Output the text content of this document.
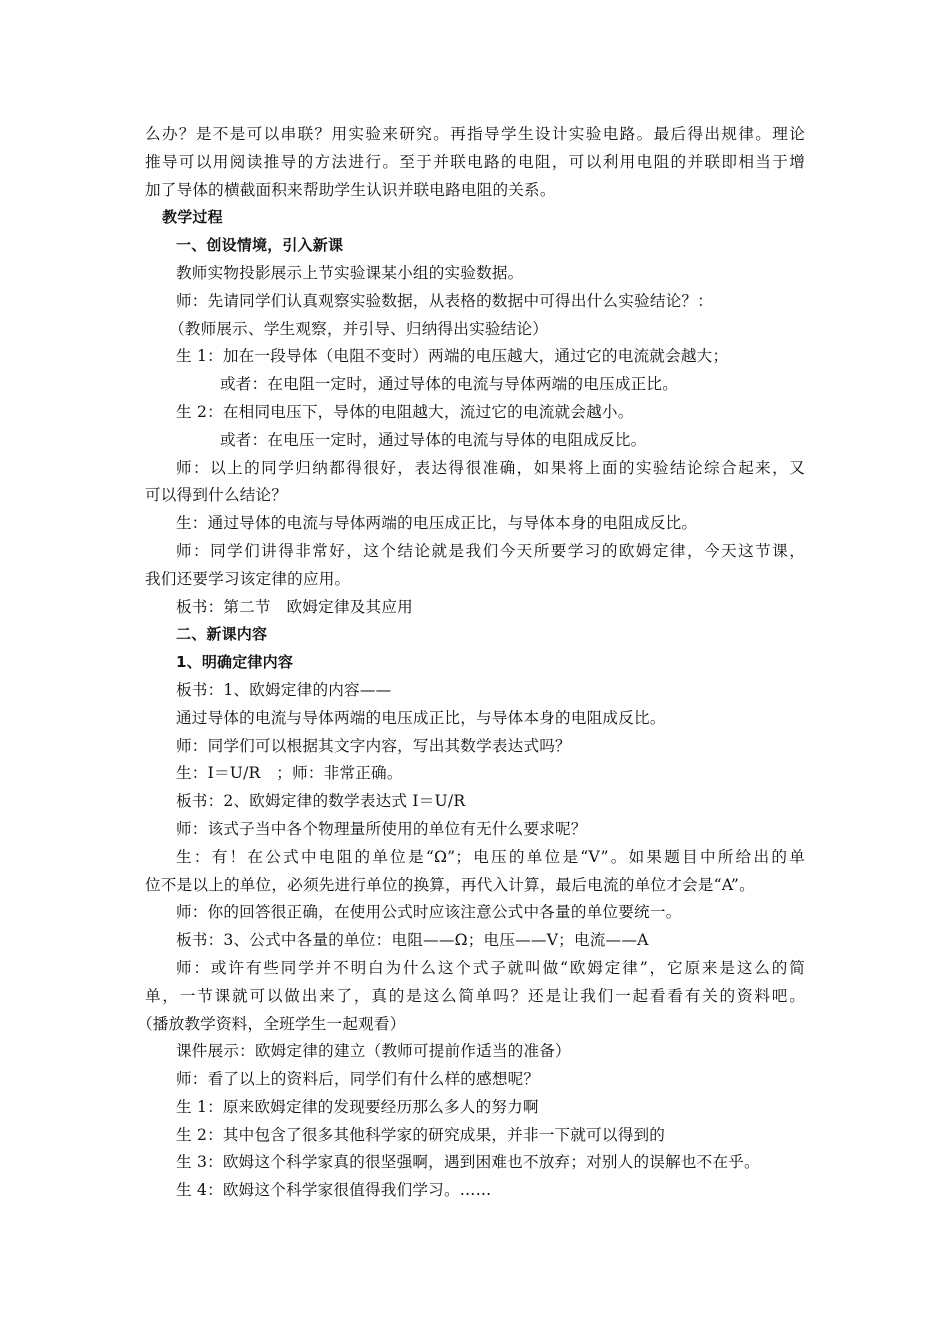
么办？是不是可以串联？用实验来研究。再指导学生设计实验电路。最后得出规律。理论
推导可以用阅读推导的方法进行。至于并联电路的电阻，可以利用电阻的并联即相当于增
加了导体的横截面积来帮助学生认识并联电路电阻的关系。
教学过程
一、创设情境，引入新课
教师实物投影展示上节实验课某小组的实验数据。
师：先请同学们认真观察实验数据，从表格的数据中可得出什么实验结论？：
（教师展示、学生观察，并引导、归纳得出实验结论）
生 1：加在一段导体（电阻不变时）两端的电压越大，通过它的电流就会越大；
或者：在电阻一定时，通过导体的电流与导体两端的电压成正比。
生 2：在相同电压下，导体的电阻越大，流过它的电流就会越小。
或者：在电压一定时，通过导体的电流与导体的电阻成反比。
师：以上的同学归纳都得很好，表达得很准确，如果将上面的实验结论综合起来，又
可以得到什么结论？
生：通过导体的电流与导体两端的电压成正比，与导体本身的电阻成反比。
师：同学们讲得非常好，这个结论就是我们今天所要学习的欧姆定律，今天这节课，
我们还要学习该定律的应用。
板书：第二节　欧姆定律及其应用
二、新课内容
1、明确定律内容
板书：1、欧姆定律的内容——
通过导体的电流与导体两端的电压成正比，与导体本身的电阻成反比。
师：同学们可以根据其文字内容，写出其数学表达式吗？
生：I＝U/R　；师：非常正确。
板书：2、欧姆定律的数学表达式 I＝U/R
师：该式子当中各个物理量所使用的单位有无什么要求呢？
生：有！在公式中电阻的单位是“Ω”；电压的单位是“V”。如果题目中所给出的单
位不是以上的单位，必须先进行单位的换算，再代入计算，最后电流的单位才会是“A”。
师：你的回答很正确，在使用公式时应该注意公式中各量的单位要统一。
板书：3、公式中各量的单位：电阻——Ω；电压——V；电流——A
师：或许有些同学并不明白为什么这个式子就叫做“欧姆定律”，它原来是这么的简
单，一节课就可以做出来了，真的是这么简单吗？还是让我们一起看看有关的资料吧。
（播放教学资料，全班学生一起观看）
课件展示：欧姆定律的建立（教师可提前作适当的准备）
师：看了以上的资料后，同学们有什么样的感想呢？
生 1：原来欧姆定律的发现要经历那么多人的努力啊
生 2：其中包含了很多其他科学家的研究成果，并非一下就可以得到的
生 3：欧姆这个科学家真的很坚强啊，遇到困难也不放弃；对别人的误解也不在乎。
生 4：欧姆这个科学家很值得我们学习。……
